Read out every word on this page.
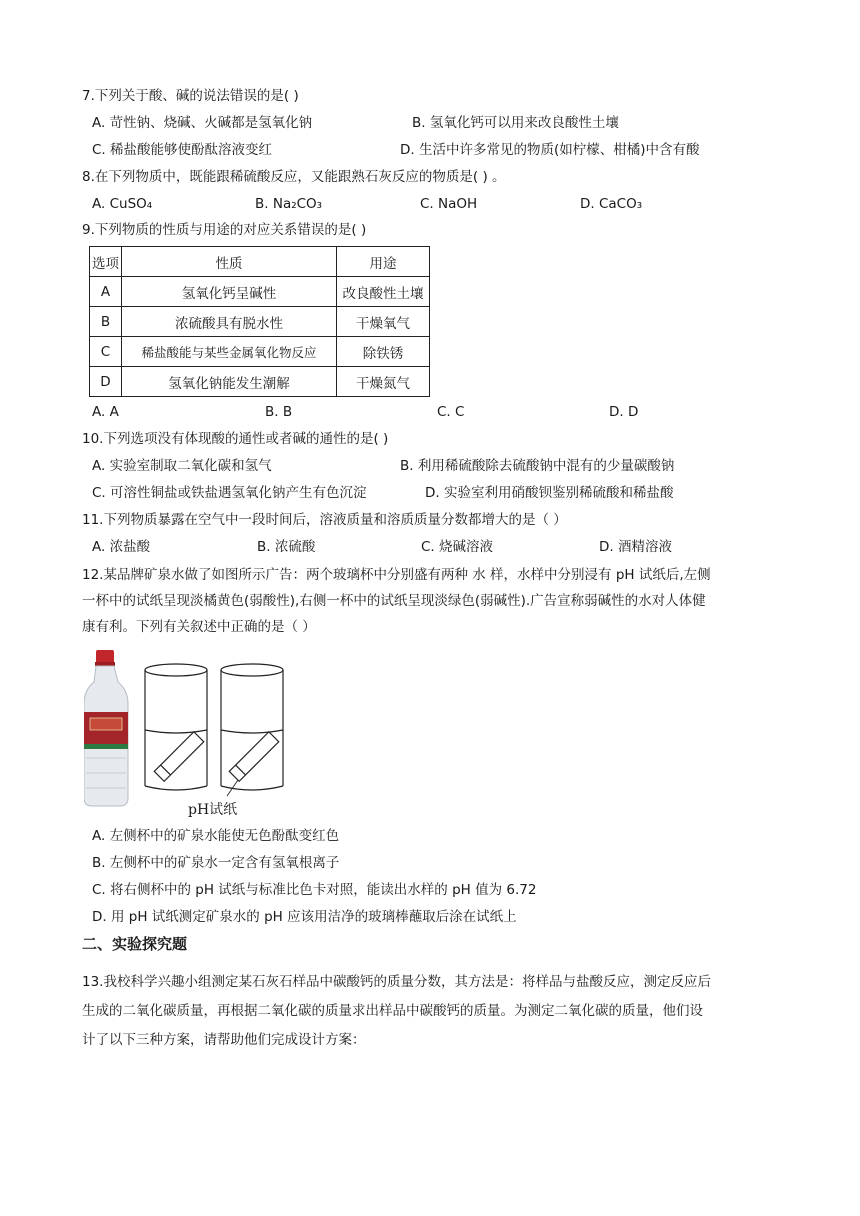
7.下列关于酸、碱的说法错误的是( )
A. 苛性钠、烧碱、火碱都是氢氧化钠	B. 氢氧化钙可以用来改良酸性土壤
C. 稀盐酸能够使酚酞溶液变红	D. 生活中许多常见的物质(如柠檬、柑橘)中含有酸
8.在下列物质中，既能跟稀硫酸反应，又能跟熟石灰反应的物质是( ) 。
A. CuSO₄	B. Na₂CO₃	C. NaOH	D. CaCO₃
9.下列物质的性质与用途的对应关系错误的是( )
选项	性质	用途
A	氢氧化钙呈碱性	改良酸性土壤
B	浓硫酸具有脱水性	干燥氧气
C	稀盐酸能与某些金属氧化物反应	除铁锈
D	氢氧化钠能发生潮解	干燥氮气
A. A	B. B	C. C	D. D
10.下列选项没有体现酸的通性或者碱的通性的是( )
A. 实验室制取二氧化碳和氢气	B. 利用稀硫酸除去硫酸钠中混有的少量碳酸钠
C. 可溶性铜盐或铁盐遇氢氧化钠产生有色沉淀	D. 实验室利用硝酸钡鉴别稀硫酸和稀盐酸
11.下列物质暴露在空气中一段时间后，溶液质量和溶质质量分数都增大的是（ ）
A. 浓盐酸	B. 浓硫酸	C. 烧碱溶液	D. 酒精溶液
12.某品牌矿泉水做了如图所示广告：两个玻璃杯中分别盛有两种 水 样，水样中分别浸有 pH 试纸后,左侧
一杯中的试纸呈现淡橘黄色(弱酸性),右侧一杯中的试纸呈现淡绿色(弱碱性).广告宣称弱碱性的水对人体健
康有利。下列有关叙述中正确的是（ ）
pH试纸
A. 左侧杯中的矿泉水能使无色酚酞变红色
B. 左侧杯中的矿泉水一定含有氢氧根离子
C. 将右侧杯中的 pH 试纸与标准比色卡对照，能读出水样的 pH 值为 6.72
D. 用 pH 试纸测定矿泉水的 pH 应该用洁净的玻璃棒蘸取后涂在试纸上
二、实验探究题
13.我校科学兴趣小组测定某石灰石样品中碳酸钙的质量分数，其方法是：将样品与盐酸反应，测定反应后
生成的二氧化碳质量，再根据二氧化碳的质量求出样品中碳酸钙的质量。为测定二氧化碳的质量，他们设
计了以下三种方案，请帮助他们完成设计方案：
